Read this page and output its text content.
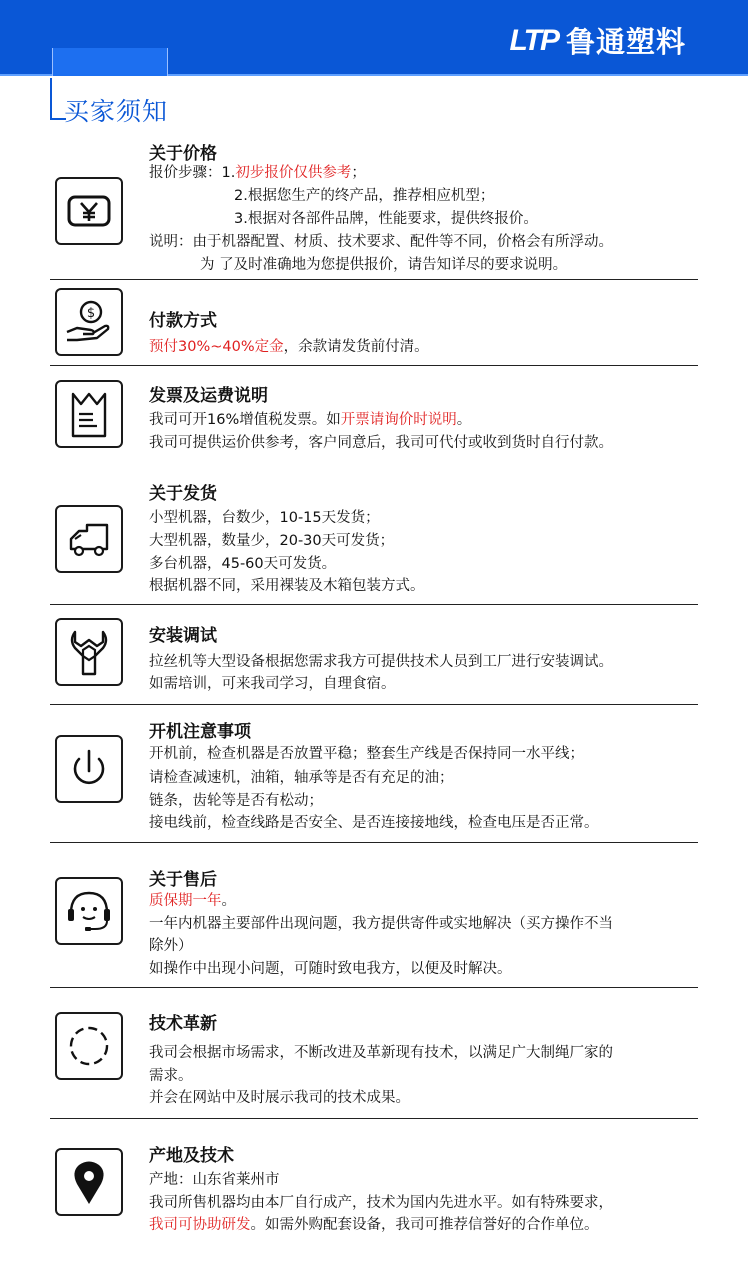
LTP 鲁通塑料
买家须知
关于价格
报价步骤：1.初步报价仅供参考；
2.根据您生产的终产品，推荐相应机型；
3.根据对各部件品牌，性能要求，提供终报价。
说明：由于机器配置、材质、技术要求、配件等不同，价格会有所浮动。
为 了及时准确地为您提供报价，请告知详尽的要求说明。
$	付款方式
预付30%~40%定金，余款请发货前付清。
发票及运费说明
我司可开16%增值税发票。如开票请询价时说明。
我司可提供运价供参考，客户同意后，我司可代付或收到货时自行付款。
关于发货
小型机器，台数少，10-15天发货；
大型机器，数量少，20-30天可发货；
多台机器，45-60天可发货。
根据机器不同，采用裸装及木箱包装方式。
安装调试
拉丝机等大型设备根据您需求我方可提供技术人员到工厂进行安装调试。
如需培训，可来我司学习，自理食宿。
开机注意事项
开机前，检查机器是否放置平稳；整套生产线是否保持同一水平线；
请检查减速机，油箱，轴承等是否有充足的油；
链条，齿轮等是否有松动；
接电线前，检查线路是否安全、是否连接接地线，检查电压是否正常。
关于售后
质保期一年。
一年内机器主要部件出现问题，我方提供寄件或实地解决（买方操作不当
除外）
如操作中出现小问题，可随时致电我方，以便及时解决。
技术革新
我司会根据市场需求，不断改进及革新现有技术，以满足广大制绳厂家的
需求。
并会在网站中及时展示我司的技术成果。
产地及技术
产地：山东省莱州市
我司所售机器均由本厂自行成产，技术为国内先进水平。如有特殊要求，
我司可协助研发。如需外购配套设备，我司可推荐信誉好的合作单位。
